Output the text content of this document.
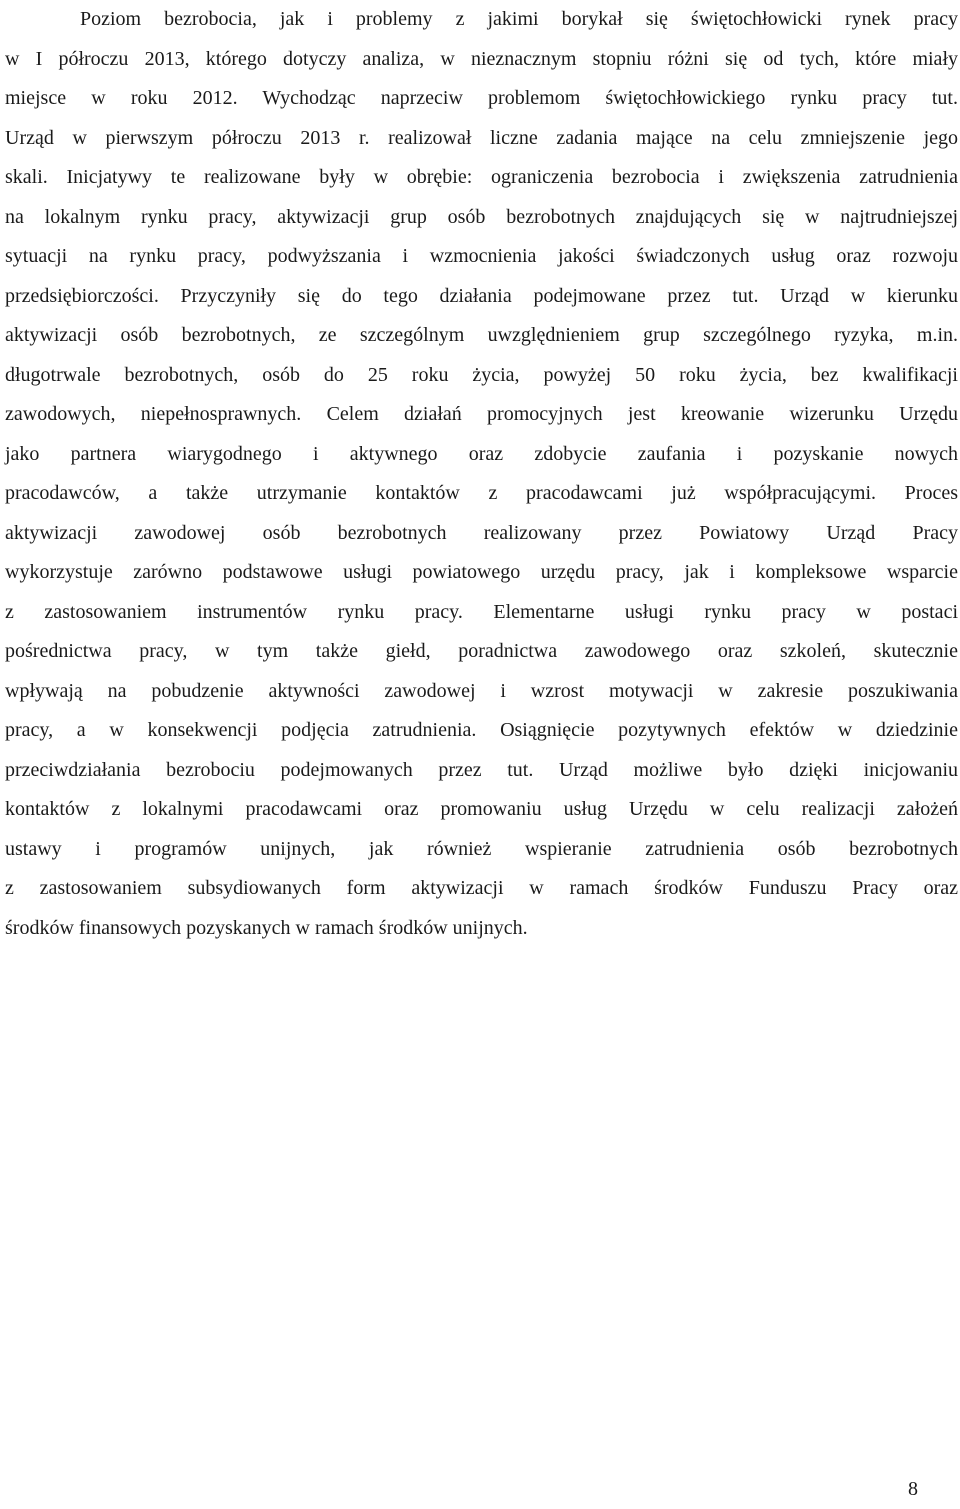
Poziom bezrobocia, jak i problemy z jakimi borykał się świętochłowicki rynek pracy
w I półroczu 2013, którego dotyczy analiza, w nieznacznym stopniu różni się od tych, które miały
miejsce w roku 2012. Wychodząc naprzeciw problemom świętochłowickiego rynku pracy tut.
Urząd w pierwszym półroczu 2013 r. realizował liczne zadania mające na celu zmniejszenie jego
skali. Inicjatywy te realizowane były w obrębie: ograniczenia bezrobocia i zwiększenia zatrudnienia
na lokalnym rynku pracy, aktywizacji grup osób bezrobotnych znajdujących się w najtrudniejszej
sytuacji na rynku pracy, podwyższania i wzmocnienia jakości świadczonych usług oraz rozwoju
przedsiębiorczości. Przyczyniły się do tego działania podejmowane przez tut. Urząd w kierunku
aktywizacji osób bezrobotnych, ze szczególnym uwzględnieniem grup szczególnego ryzyka, m.in.
długotrwale bezrobotnych, osób do 25 roku życia, powyżej 50 roku życia, bez kwalifikacji
zawodowych, niepełnosprawnych. Celem działań promocyjnych jest kreowanie wizerunku Urzędu
jako partnera wiarygodnego i aktywnego oraz zdobycie zaufania i pozyskanie nowych
pracodawców, a także utrzymanie kontaktów z pracodawcami już współpracującymi. Proces
aktywizacji zawodowej osób bezrobotnych realizowany przez Powiatowy Urząd Pracy
wykorzystuje zarówno podstawowe usługi powiatowego urzędu pracy, jak i kompleksowe wsparcie
z zastosowaniem instrumentów rynku pracy. Elementarne usługi rynku pracy w postaci
pośrednictwa pracy, w tym także giełd, poradnictwa zawodowego oraz szkoleń, skutecznie
wpływają na pobudzenie aktywności zawodowej i wzrost motywacji w zakresie poszukiwania
pracy, a w konsekwencji podjęcia zatrudnienia. Osiągnięcie pozytywnych efektów w dziedzinie
przeciwdziałania bezrobociu podejmowanych przez tut. Urząd możliwe było dzięki inicjowaniu
kontaktów z lokalnymi pracodawcami oraz promowaniu usług Urzędu w celu realizacji założeń
ustawy i programów unijnych, jak również wspieranie zatrudnienia osób bezrobotnych
z zastosowaniem subsydiowanych form aktywizacji w ramach środków Funduszu Pracy oraz
środków finansowych pozyskanych w ramach środków unijnych.
8
